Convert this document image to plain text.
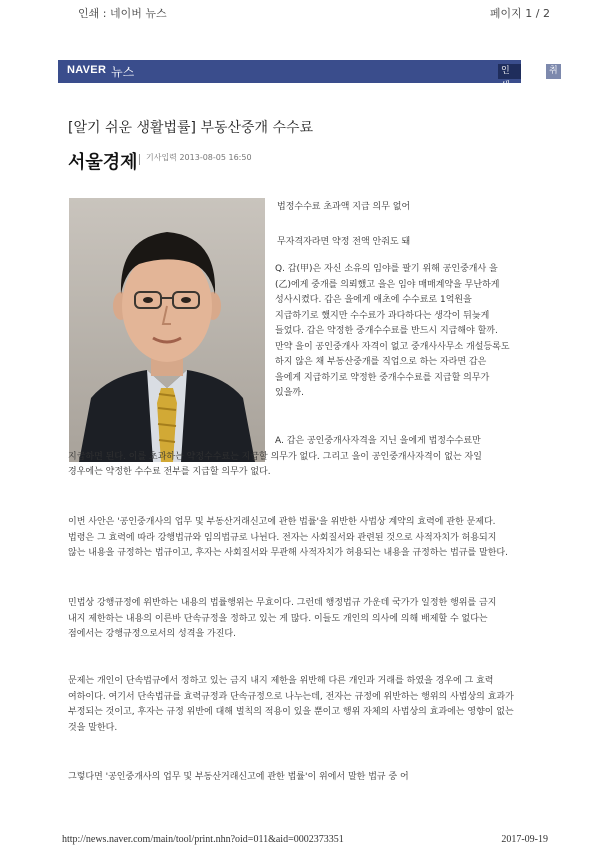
인쇄 : 네이버 뉴스	페이지 1 / 2
NAVER 뉴스	인쇄하기
취소
[알기 쉬운 생활법률] 부동산중개 수수료
서울경제 기사입력 2013-08-05 16:50
법정수수료 초과액 지급 의무 없어
무자격자라면 약정 전액 안줘도 돼
Q. 갑(甲)은 자신 소유의 임야를 팔기 위해 공인중개사 을(乙)에게 중개를 의뢰했고 을은 임야 매매계약을 무난하게 성사시켰다. 갑은 을에게 애초에 수수료로 1억원을 지급하기로 했지만 수수료가 과다하다는 생각이 뒤늦게 들었다. 갑은 약정한 중개수수료를 반드시 지급해야 할까. 만약 을이 공인중개사 자격이 없고 중개사사무소 개설등록도 하지 않은 채 부동산중개를 직업으로 하는 자라면 갑은 을에게 지급하기로 약정한 중개수수료를 지급할 의무가 있을까.
A. 갑은 공인중개사자격을 지닌 을에게 법정수수료만 지급하면 된다. 이를 초과하는 약정수수료는 지급할 의무가 없다. 그리고 을이 공인중개사자격이 없는 자일 경우에는 약정한 수수료 전부를 지급할 의무가 없다.
이번 사안은 '공인중개사의 업무 및 부동산거래신고에 관한 법률'을 위반한 사법상 계약의 효력에 관한 문제다. 법령은 그 효력에 따라 강행법규와 임의법규로 나뉜다. 전자는 사회질서와 관련된 것으로 사적자치가 허용되지 않는 내용을 규정하는 법규이고, 후자는 사회질서와 무관해 사적자치가 허용되는 내용을 규정하는 법규를 말한다.
민법상 강행규정에 위반하는 내용의 법률행위는 무효이다. 그런데 행정법규 가운데 국가가 일정한 행위를 금지 내지 제한하는 내용의 이른바 단속규정을 정하고 있는 게 많다. 이들도 개인의 의사에 의해 배제할 수 없다는 점에서는 강행규정으로서의 성격을 가진다.
문제는 개인이 단속법규에서 정하고 있는 금지 내지 제한을 위반해 다른 개인과 거래를 하였을 경우에 그 효력 여하이다. 여기서 단속법규를 효력규정과 단속규정으로 나누는데, 전자는 규정에 위반하는 행위의 사법상의 효과가 부정되는 것이고, 후자는 규정 위반에 대해 벌칙의 적용이 있을 뿐이고 행위 자체의 사법상의 효과에는 영향이 없는 것을 말한다.
그렇다면 '공인중개사의 업무 및 부동산거래신고에 관한 법률'이 위에서 말한 법규 중 어
http://news.naver.com/main/tool/print.nhn?oid=011&aid=0002373351	2017-09-19
